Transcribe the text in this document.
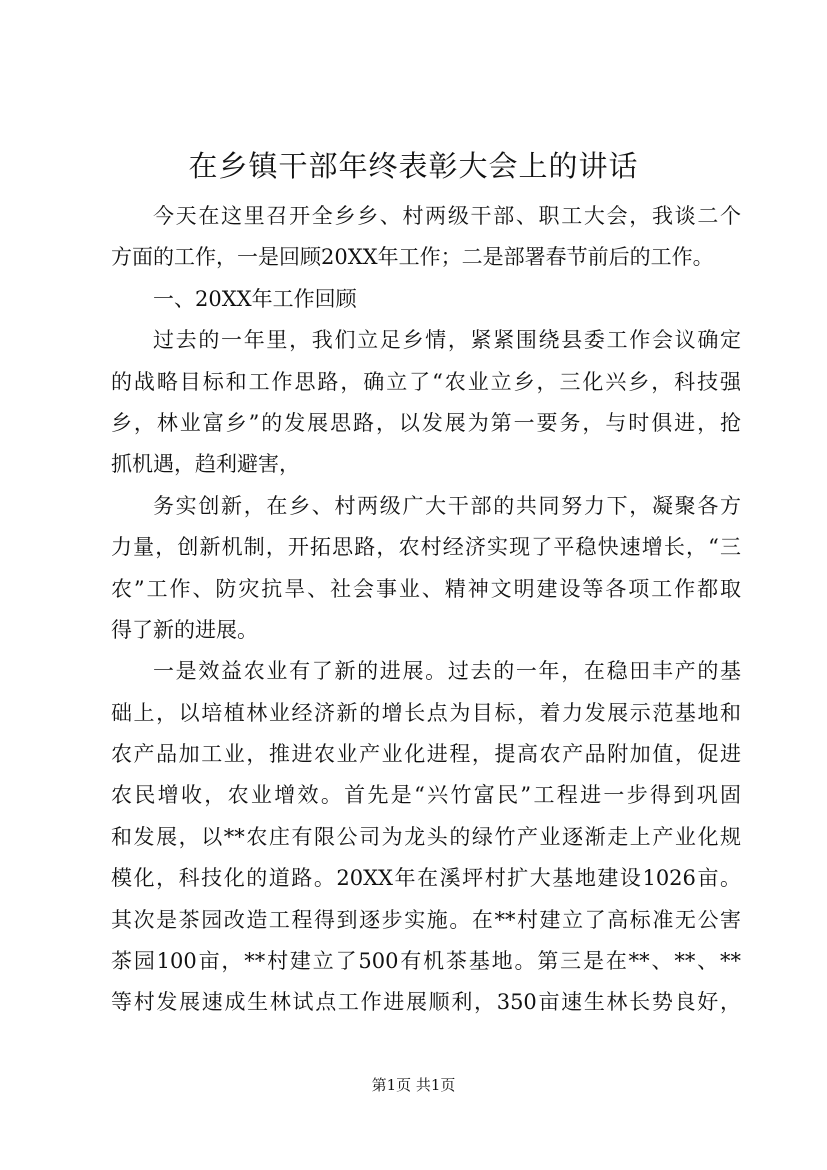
在乡镇干部年终表彰大会上的讲话
今天在这里召开全乡乡、村两级干部、职工大会，我谈二个
方面的工作，一是回顾20XX年工作；二是部署春节前后的工作。
一、20XX年工作回顾
过去的一年里，我们立足乡情，紧紧围绕县委工作会议确定
的战略目标和工作思路，确立了“农业立乡，三化兴乡，科技强
乡，林业富乡”的发展思路，以发展为第一要务，与时俱进，抢
抓机遇，趋利避害，
务实创新，在乡、村两级广大干部的共同努力下，凝聚各方
力量，创新机制，开拓思路，农村经济实现了平稳快速增长，“三
农”工作、防灾抗旱、社会事业、精神文明建设等各项工作都取
得了新的进展。
一是效益农业有了新的进展。过去的一年，在稳田丰产的基
础上，以培植林业经济新的增长点为目标，着力发展示范基地和
农产品加工业，推进农业产业化进程，提高农产品附加值，促进
农民增收，农业增效。首先是“兴竹富民”工程进一步得到巩固
和发展，以**农庄有限公司为龙头的绿竹产业逐渐走上产业化规
模化，科技化的道路。20XX年在溪坪村扩大基地建设1026亩。
其次是茶园改造工程得到逐步实施。在**村建立了高标准无公害
茶园100亩，**村建立了500有机茶基地。第三是在**、**、**
等村发展速成生林试点工作进展顺利，350亩速生林长势良好，
第1页 共1页
